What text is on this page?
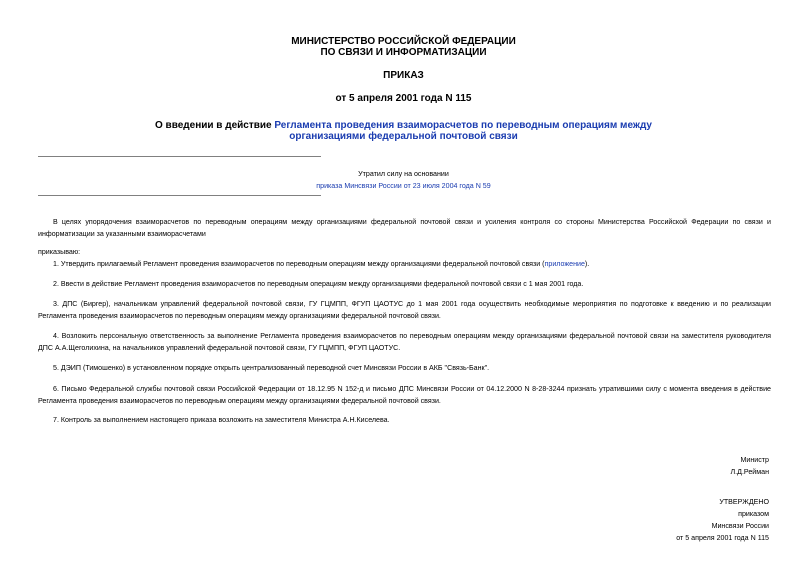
МИНИСТЕРСТВО РОССИЙСКОЙ ФЕДЕРАЦИИ
ПО СВЯЗИ И ИНФОРМАТИЗАЦИИ
ПРИКАЗ
от 5 апреля 2001 года N 115
О введении в действие Регламента проведения взаиморасчетов по переводным операциям между
организациями федеральной почтовой связи
Утратил силу на основании
приказа Минсвязи России от 23 июля 2004 года N 59
В целях упорядочения взаиморасчетов по переводным операциям между организациями федеральной почтовой связи и усиления контроля со стороны Министерства Российской Федерации по связи и информатизации за указанными взаиморасчетами
приказываю:
1. Утвердить прилагаемый Регламент проведения взаиморасчетов по переводным операциям между организациями федеральной почтовой связи (приложение).
2. Ввести в действие Регламент проведения взаиморасчетов по переводным операциям между организациями федеральной почтовой связи с 1 мая 2001 года.
3. ДПС (Биргер), начальникам управлений федеральной почтовой связи, ГУ ГЦМПП, ФГУП ЦАОТУС до 1 мая 2001 года осуществить необходимые мероприятия по подготовке к введению и по реализации Регламента проведения взаиморасчетов по переводным операциям между организациями федеральной почтовой связи.
4. Возложить персональную ответственность за выполнение Регламента проведения взаиморасчетов по переводным операциям между организациями федеральной почтовой связи на заместителя руководителя ДПС А.А.Щеголихина, на начальников управлений федеральной почтовой связи, ГУ ГЦМПП, ФГУП ЦАОТУС.
5. ДЭИП (Тимошенко) в установленном порядке открыть централизованный переводной счет Минсвязи России в АКБ "Связь-Банк".
6. Письмо Федеральной службы почтовой связи Российской Федерации от 18.12.95 N 152-д и письмо ДПС Минсвязи России от 04.12.2000 N 8-28-3244 признать утратившими силу с момента введения в действие Регламента проведения взаиморасчетов по переводным операциям между организациями федеральной почтовой связи.
7. Контроль за выполнением настоящего приказа возложить на заместителя Министра А.Н.Киселева.
Министр
Л.Д.Рейман
УТВЕРЖДЕНО
приказом
Минсвязи России
от 5 апреля 2001 года N 115
